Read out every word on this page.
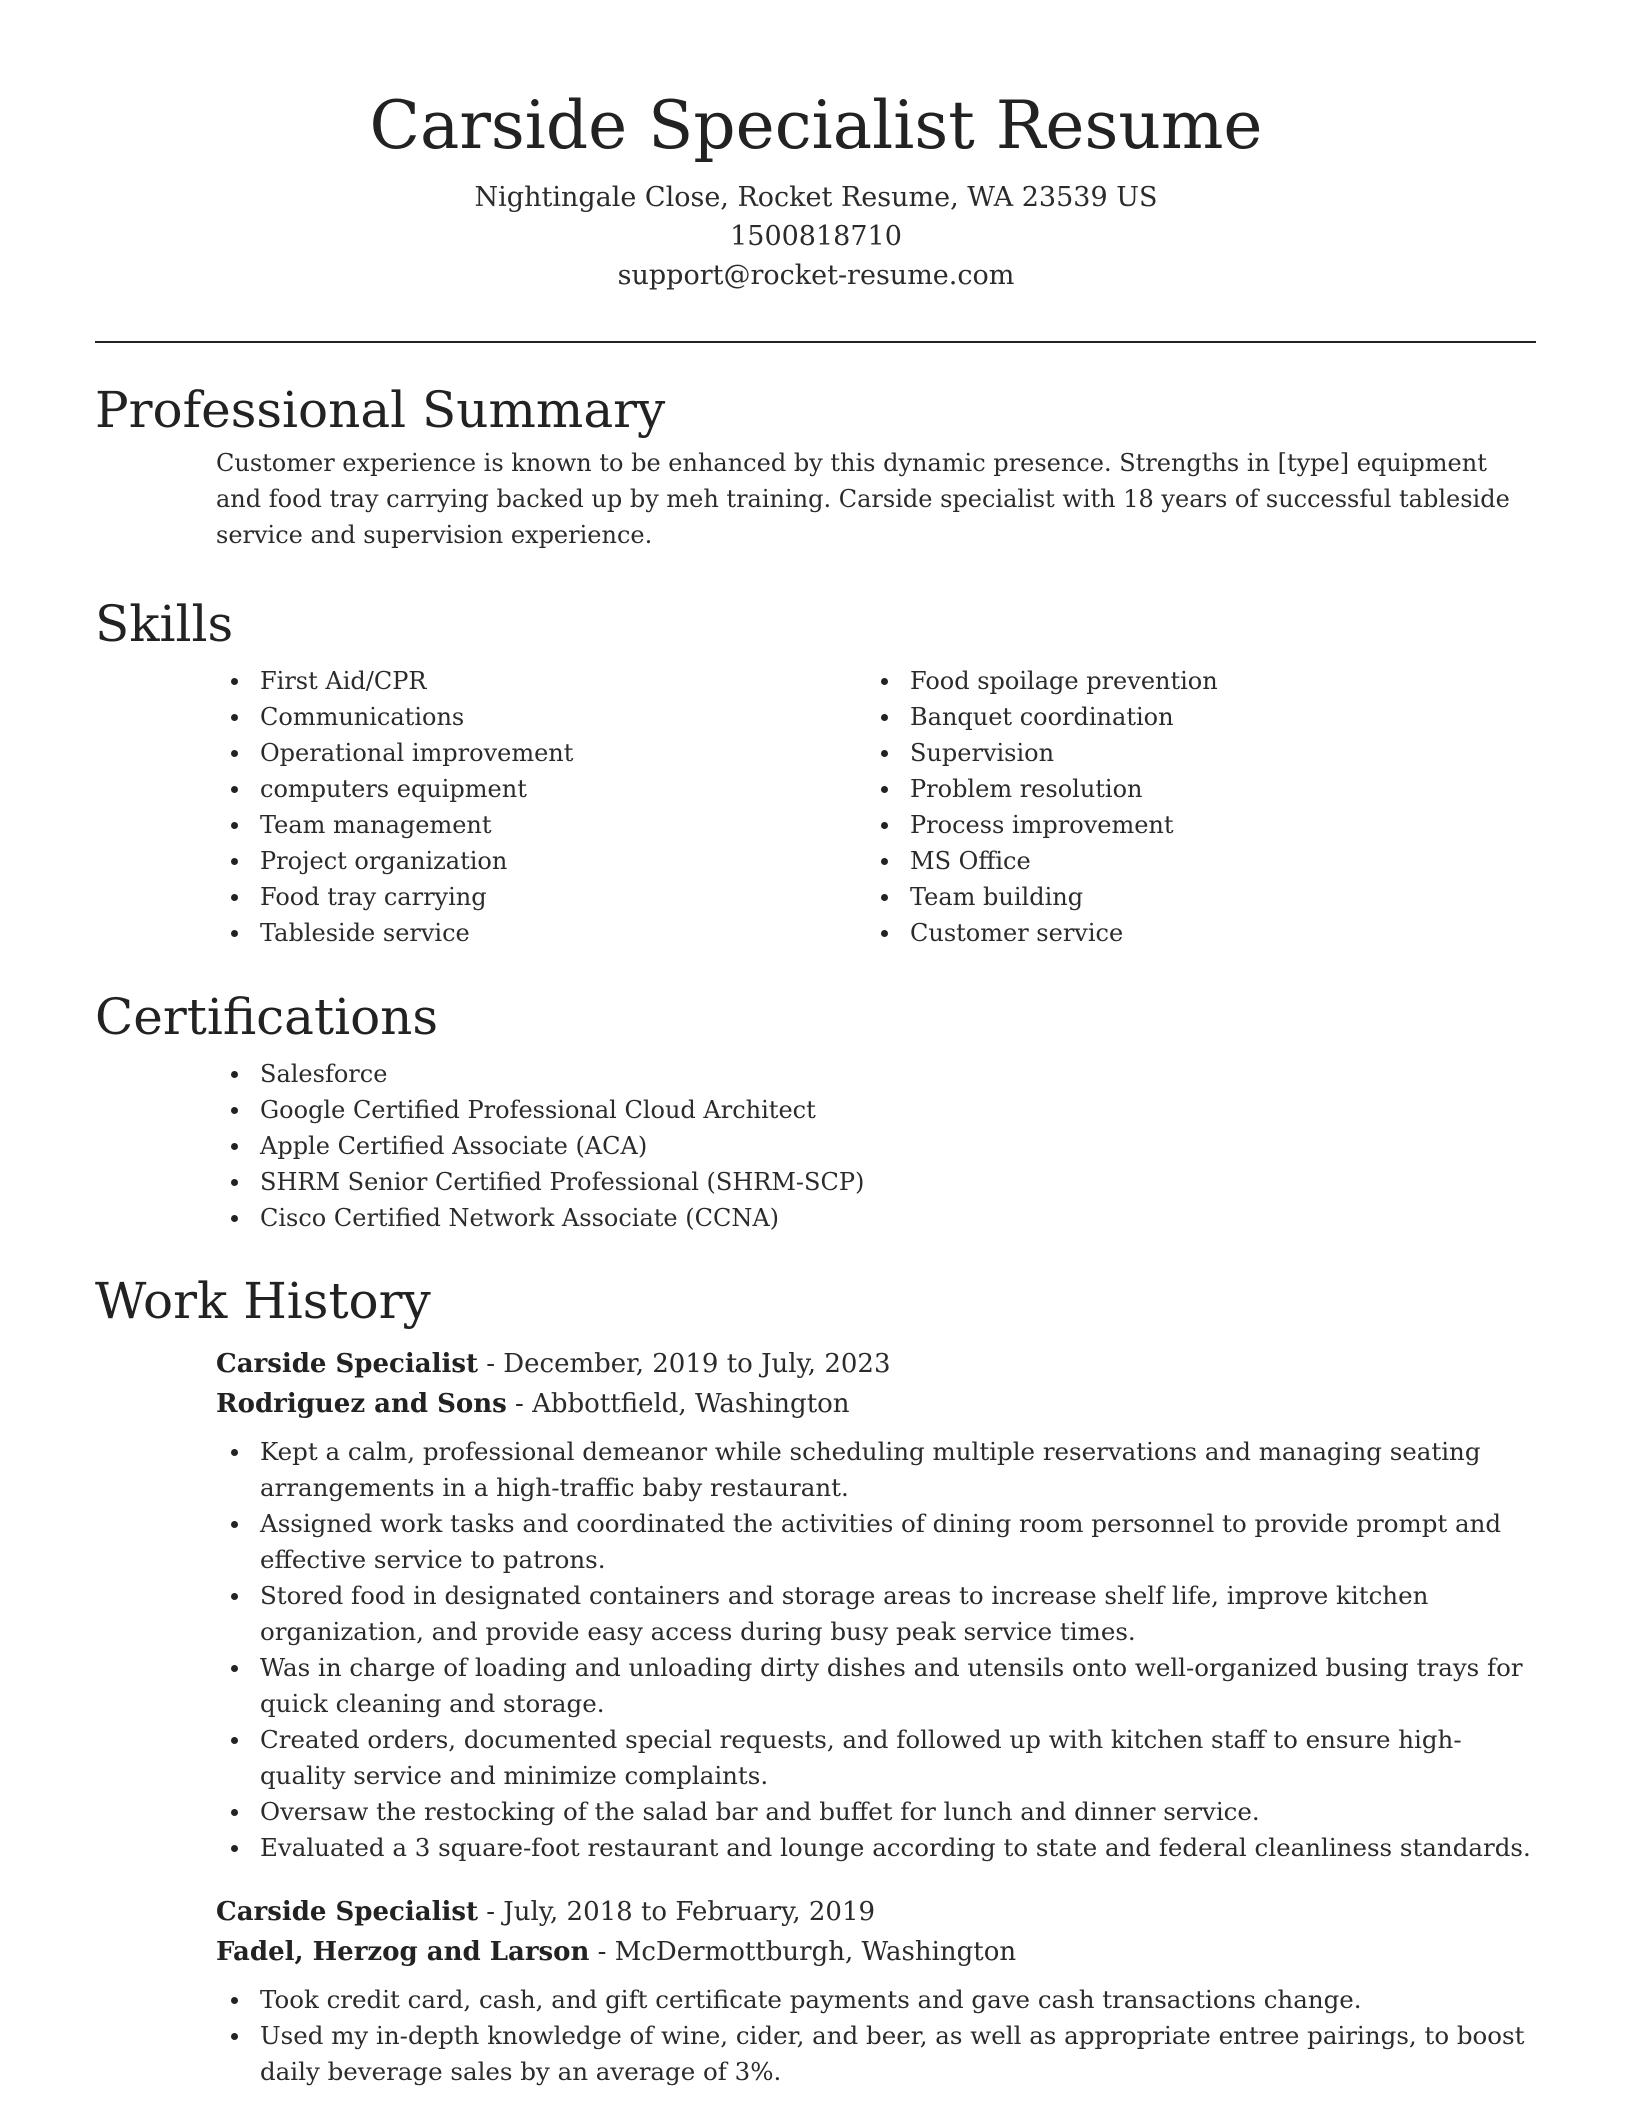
Carside Specialist Resume
Nightingale Close, Rocket Resume, WA 23539 US
1500818710
support@rocket-resume.com
Professional Summary

Customer experience is known to be enhanced by this dynamic presence. Strengths in [type] equipment and food tray carrying backed up by meh training. Carside specialist with 18 years of successful tableside service and supervision experience.

Skills
First Aid/CPR
Communications
Operational improvement
computers equipment
Team management
Project organization
Food tray carrying
Tableside service
Food spoilage prevention
Banquet coordination
Supervision
Problem resolution
Process improvement
MS Office
Team building
Customer service
Certifications
Salesforce
Google Certified Professional Cloud Architect
Apple Certified Associate (ACA)
SHRM Senior Certified Professional (SHRM-SCP)
Cisco Certified Network Associate (CCNA)
Work History
Carside Specialist - December, 2019 to July, 2023
Rodriguez and Sons - Abbottfield, Washington
Kept a calm, professional demeanor while scheduling multiple reservations and managing seating arrangements in a high-traffic baby restaurant.
Assigned work tasks and coordinated the activities of dining room personnel to provide prompt and effective service to patrons.
Stored food in designated containers and storage areas to increase shelf life, improve kitchen organization, and provide easy access during busy peak service times.
Was in charge of loading and unloading dirty dishes and utensils onto well-organized busing trays for quick cleaning and storage.
Created orders, documented special requests, and followed up with kitchen staff to ensure high-quality service and minimize complaints.
Oversaw the restocking of the salad bar and buffet for lunch and dinner service.
Evaluated a 3 square-foot restaurant and lounge according to state and federal cleanliness standards.
Carside Specialist - July, 2018 to February, 2019
Fadel, Herzog and Larson - McDermottburgh, Washington
Took credit card, cash, and gift certificate payments and gave cash transactions change.
Used my in-depth knowledge of wine, cider, and beer, as well as appropriate entree pairings, to boost daily beverage sales by an average of 3%.
